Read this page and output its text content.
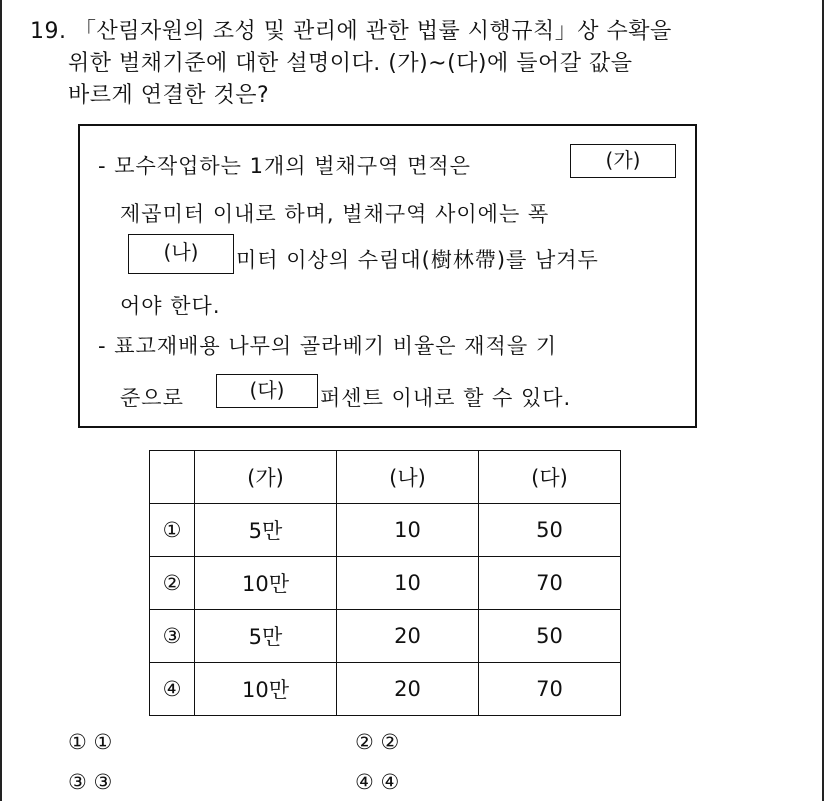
19. 「산림자원의 조성 및 관리에 관한 법률 시행규칙」상 수확을
위한 벌채기준에 대한 설명이다. (가)~(다)에 들어갈 값을
바르게 연결한 것은?
- 모수작업하는 1개의 벌채구역 면적은	(가)
제곱미터 이내로 하며, 벌채구역 사이에는 폭
(나)	미터 이상의 수림대(樹林帶)를 남겨두
어야 한다.
- 표고재배용 나무의 골라베기 비율은 재적을 기
준으로	(다)	퍼센트 이내로 할 수 있다.
	(가)	(나)	(다)
①	5만	10	50
②	10만	10	70
③	5만	20	50
④	10만	20	70
① ①	② ②
③ ③	④ ④
